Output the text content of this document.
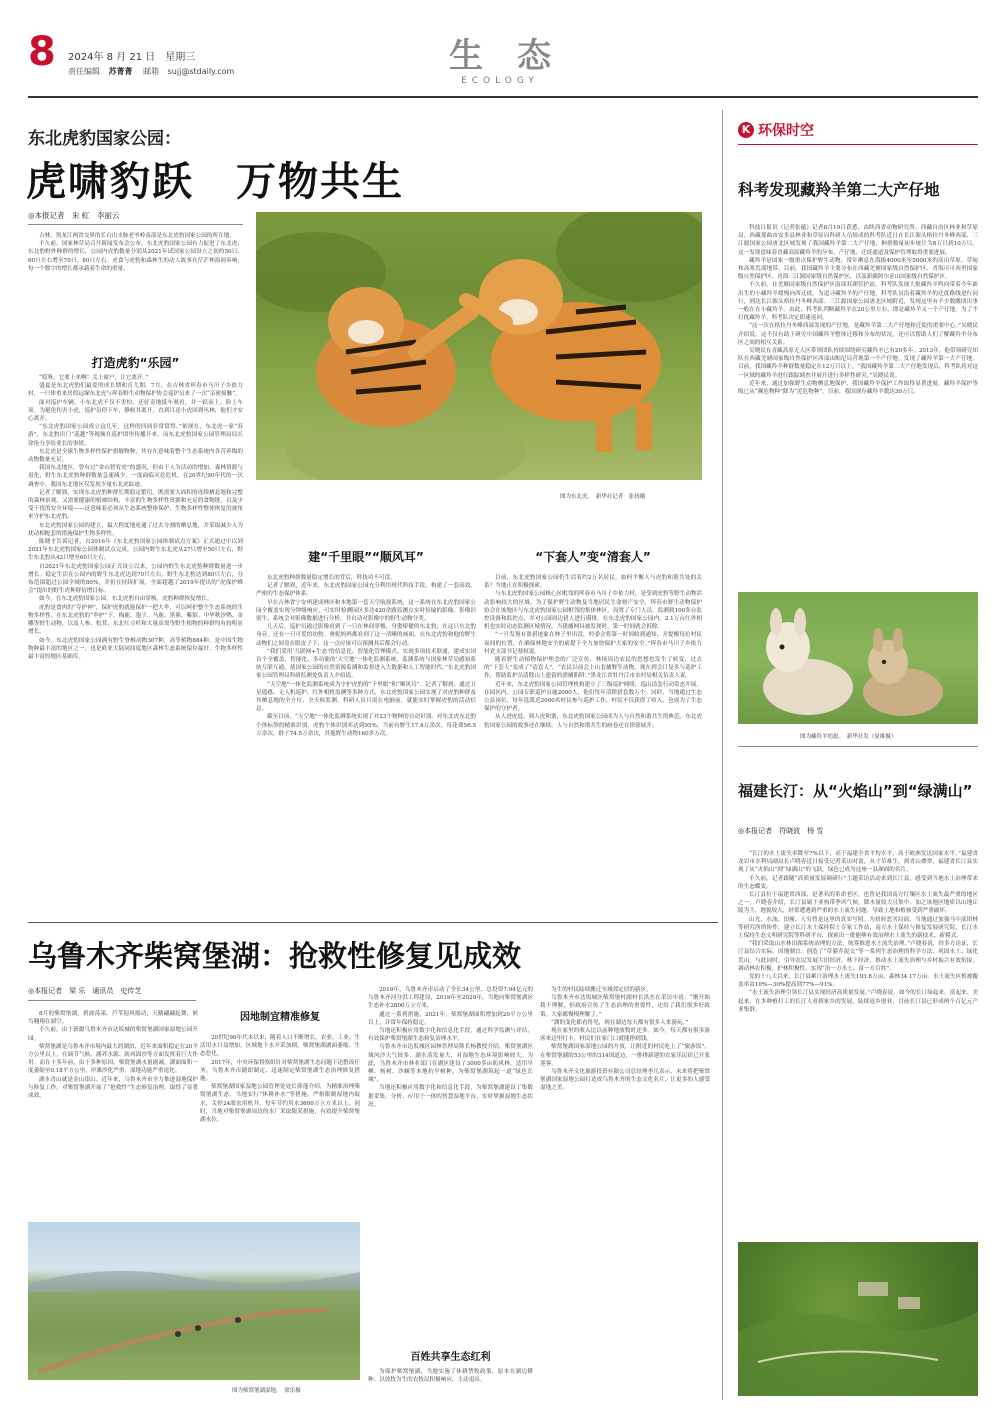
8 2024年 8 月 21 日　星期三
责任编辑 苏菁菁 邮箱 sujj@stdaily.com	生　态
ECOLOGY
东北虎豹国家公园：
虎啸豹跃　万物共生
◎本报记者　朱 虹　李丽云
图为东北虎。　新华社记者　张扬摄

吉林、黑龙江两省交界的长白山支脉老爷岭南部是东北虎豹国家公园的所在地。

不久前，国家林草局召开新闻发布会公布，东北虎豹国家公园有力促进了东北虎、东北豹野外种群的增长，公园内虎豹数量分别从2021年试国家公园设立之初的50只、60只左右增至70只、80只左右。虎食与虎豹和森林生的动人故事在茫茫林海间奏响，每一个数字的增长都承载着生命的重量。

打造虎豹“乐园”

“哎呀，它要上来啊！关上窗户，让它离开。”

盛夏是东北虎豹们最爱的成长期和育儿期。7月，在吉林省珲春市马川子乡依力村，一只体重来居的远缘东北虎与珲春野生动物保护协会巡护员来了一次“亲密接触”。

面对巡护车辆，小东北虎不仅不害怕，还好奇地抵车观看，并一跃而上，险上车顶。为避免伤害小虎，巡护员停下车，静候其离开。直到目送小虎回到丛林，他们才安心离开。

“东北虎豹国家公园成立这几年，这样的回面非常常得。”依现在，东北虎一家“春游”，东北豹出门“巡越”等视频在巡护团里传播开来，而东北虎豹国家公园管理局局长徐伦分享给业长的事情。

东北虎是全球生物多样性保护旗舰物种，其存在意味着整个生态系统内各营养级的动物数量充足。

我国东北地区，曾有过“金山智宥虎”的盛况，但由于人为活动的增加、森林资源与退化，野生东北虎豹种群数量急速减少，一度面临灭危危机。在20世纪90年代的一次调查中，我国东北地区仅发现少量东北虎踪迹。

记者了解到，实现东北虎豹种群长期稳定繁衍，既需要大面积的连续栖息地和完整的森林景观，又需要健康的植被结构，丰富的生物多样性资源和充足的食物链，以及少受干扰的安全环境——这意味着必须从生态系统整体保护、生物多样性整体恢复的视角来守护东北虎豹。

东北虎豹国家公园的建立，最大程度地连通了过去分割的栖息地，并采取减少人为扰动相配套的措施保护生物多样性。

陈晓才告诉记者，自2016年《东北虎豹国家公园体制试点方案》正式通过中以到2021年东北虎豹国家公园体制试点完成，公园内野生东北虎从27只增至50只左右，野生东北豹从42只增至60只左右。

自2021年东北虎豹国家公园正式设立以来，公园内野生东北虎豹种群数量进一步增长。稳定生活在公园内的野生东北虎达到70只左右，野生东北豹达到80只左右，分布范围超过公园全域的80%，并仍在持续扩展，全面超越了2019年提出的“虎保护峰会”提出的野生虎种群倍增目标。

如今，在东北虎豹国家公园，东北虎豹自由穿梭，虎豹种群恢复增长。

虎豹是食肉的“夺护神”，保护虎豹就能保护一把大伞，可以呵护整个生态系统的生物多样性。在东北虎豹的“伞护”下，梅鹿、狍子、马鹿、黑熊、紫貂、中华秋沙鸭、金雕等野生动物，以及人参、松茸、东北红豆杉和大量高需等野生植物的种群均有较明显增长。

如今，东北虎豹国家公园拥有野生脊椎动物307种，高等植物884种，是中国生物物种最丰富的地区之一，也是欧亚大陆同纬度地区森林生态系统保存最好、生物多样性最丰富的地区基础库。

建“千里眼”“顺风耳”

东北虎豹种群数量稳定增长的背后，科技功不可没。

记者了解到，近年来，东北虎豹国家公园充分利用现代科技手段，构建了一套高效、严密的生态保护体系。

早在吉林省宁安州建成林区和本地第一套天空航视系统，这一系统在东北虎豹国家公园全覆盖实现分钟级响应，可实时检测园区多达420余路监测点实时传输的影像。影像识别生，系统会对影像数据进行分析，并自动对影像中的野生动物分类。

几天后，巡护员通过影像看到了一只在林间穿梭、身姿矫健的东北豹，在这只东北豹身旁，还有一只可爱的幼豹。奥妮妈妈都看到了这一清晰的画面，在东北虎豹和他的野生动物们之间竟在眼皮子下，这一点应该可以预测其后都会行动。

“我们采用‘互联网+生态’的信息化、智能化管理模式，实现多项技术联通，建成实国首个全覆盖、智能化、多功能的‘天空地’一体化监测系统。监测系统与国家林草局感知系统互联互通，使国家公园的自然资源监测和监督进入大数据和人工智能时代。”东北虎豹国家公园管理局科研监测处负责人介绍说。

“天空地”一体化监测系统成为守护虎豹的“千里眼”和“顺风耳”。记者了解到，通过卫星遥感、无人机巡护、红外相机监测等多种方式，东北虎豹国家公园实现了对虎豹种群及其栖息地的全方位、全天候监测。科研人员只需在电脑前，就能实时掌握虎豹的活动信息。

截至目前，“天空地”一体化监测系统实现了对23个物种的自动识别、对东北虎东北豹个体标签的精准识别，虎豹个体识别率达到95%，当前有野生17.4万余次、每花费56.5万余次、群子74.5万余次，其他野生动物160多万次。

“下套人”变“清套人”

目前，东北虎豹国家公园仍生活着约2万名居民。如何平衡人与虎豹和谐共处的关系？当地正在积极探索。

与东北虎豹国家公园核心区毗邻的珲春市马川子乡依力村，是受到虎豹等野生动物活动影响较大的区域。为了保护野生动物及当地居民生命财产安全，珲春市野生动物保护协会在该地区与东北虎豹国家公园相邻的集体林区，设置了专门人员，监测到100多台监控设备和监控点，并对公园周边猎人进行摸排。在东北虎豹国家公园内，2.1万台红外相机也实时动态监测区域情况，当猎捕网具被发现时，第一时间就会拆除。

“一旦发现有盗猎迹象在林子里出没，村委会将第一时间收到通知，并提醒每位村民夜间的位置，在确保林地安全的前提下全力加快保护大家的安全。”珲春市马川子乡依力村党支部书记蔡权说。

随着野生动植物保护理念的广泛宣传，林场周边农民的思想也发生了转变，过去的“下套人”变成了“清套人”。“农民以前会上山套捕野生动物，现在到会日复多与巡护工作，帮助监护员清除山上遗留的猎捕陷阱。”黑龙江省牡丹江市农村局相关负责人说。

近年来，东北虎豹国家公园管理机构建立了三级巡护网络，巡山清套行动常态开展。在园区内，公园专职巡护员逾2000人，他们每年清除猎套数万个。同时，当地通过生态公益岗位，每年选派近2000名村民参与巡护工作，村民不仅获得了收入，也成为了生态保护的守护者。

从人进虎退，到人虎和谐，东北虎豹国家公园成为人与自然和谐共生的典范。东北虎豹国家公园的故事还在继续，人与自然和谐共生的画卷还在徐徐展开。

K 环保时空
科考发现藏羚羊第二大产仔地

科技日报讯（记者张蕴）记者8月19日获悉，由陕西省动物研究所、西藏自治区林业和草原局、西藏那曲市安多县林业和草原局科研人员组成的科考队近日在长江源头格拉丹冬峰西部、三江源国家公园唐北区域发现了我国藏羚羊第二大产仔地，种群数量初步统计为8万只到10万只。这一发现意味着青藏高原藏羚羊的分布、产仔地、迁徙通道及保护管理取得重要进展。

藏羚羊是国家一级重点保护野生动物，常年栖息在海拔4000米至5000米的高山草原、草甸和高寒荒漠地带。目前，我国藏羚羊主要分布在西藏羌塘国家级自然保护区、青海可可西里国家级自然保护区、青海三江源国家级自然保护区，以及新疆阿尔金山国家级自然保护区。

不久前，在羌塘国家级自然保护区南部双湖管护站，科考队发现大批藏羚羊鸣向带着今年新出生的小藏羚羊缓慢向西迁徙。为追寻藏羚羊的产仔地，科考队员沿着藏羚羊的迁徙路线进行同行，到达长江源头格拉丹冬峰西部、三江源国家公园唐北区域附近，发现这里有不少数雌团出事一般在在小藏羚羊。由此，科考队判断藏羚羊在20公里左右，即是藏羚羊又一个产仔地。为了不打扰藏羚羊，科考队决定即速返回。

“这一次在格拉丹冬峰西部发现的产仔地，是藏羚羊第二大产仔地和迁徙的重要中心。”吴晓民介绍说，这不仅有助于研究中国藏羚羊整体迁移和分布的状况，还可以帮助人们了解藏羚羊分布区之间的相互关系。

吴晓民在青藏高原无人区带领团队持续围绕研究藏羚羊已有20多年。2013年，他带领研究团队在西藏羌塘国家级自然保护区西部由帕尼局营现第一个产仔地，发现了藏羚羊第一大产仔地。目前，我国藏羚羊种群数量稳定在12万只以上。“我国藏羚羊第二大产仔地发现后，科考队将对这一区域的藏羚羊进行跟踪调查并展开进行多样性研究。”吴晓民说。

近年来，通过加强野生动物栖息地保护，我国藏羚羊保护工作取得显著进展。藏羚羊保护等级已从“濒危物种”降为“近危物种”。目前，我国现存藏羚羊数达30万只。

图为藏羚羊幼崽。　新华社发（晏维摄）
福建长汀：从“火焰山”到“绿满山”
◎本报记者　符晓波　杨 雪

“长汀的水土流失率降至7%以下，高于福建全省平均水平，高于欧洲发达国家水平。”福建省龙岩市水利局副局长卢晓春近日接受记者采访时说，从寸草难生，到青山叠翠，福建省长汀县实现了从“火焰山”到“绿满山”的飞跃，绿色已成为这座一县颜面的名片。

不久前，记者跟随“高质量发展调研行”主题采访活动来到长汀县，感受到当地水土治理带来的生态蝶变。

长汀县位于福建省西部，是著名的革命老区，也曾是我国南方红壤区水土流失最严重的地区之一。卢晓春介绍，长汀县属于亚热带季风气候，降水量较大且集中，加之该地区地质以山地丘陵为主，地貌较大，经常遭遇到严重的水土流失问题，导致土地和植被受到严重破坏。

山光、水浊、田瘦、人穷曾是这里的真实写照。为扭转恶劣局面，当地通过加强马中部团林等研究所的协作，建立长汀水土保持院士专家工作站，南方水土保持与修复发展研究院，长汀水土保持生态文明研究院等科研平台，探索出一批能够有效治理水土流失的新技术、新模式。

“我们采取山水林田湖系统治理的方法，统筹推进水土流失治理。”卢晓春说，经多方论证，长汀县结合实际，因地制宜，创造了“草灌乔混交”等一系列生态治理的科学方法，巩固水土、绿化荒山，与此同时，引导农民发展大田经济、林下经济，推动水土流失治理与乡村振兴有效衔接，调动林农积极、护林积极性，实现“治一方水土、富一方百姓”。

党的十八大以来，长汀县累计治理水土流失193.8万亩，森林34.17万亩。水土流失区植被覆盖率由10%—30%提高到77%—91%。

“水土流失治理引领长汀县实现经济高质量发展。”卢晓春说，如今的长汀绿起来，富起来、美起来，在多种植打工的长汀人看到家乡的发展，陆续返乡创业，目前长汀县已形成两个百亿元产业集群。

乌鲁木齐柴窝堡湖：抢救性修复见成效
◎本报记者　梁 乐　通讯员　史传芝

8月的柴窝堡湖，碧波荡漾，芦苇迎风摇动，天鹅翩翩起舞，候鸟翱翔在湖空。

不久前，由于新疆乌鲁木齐市达坂城的柴窝堡湖国家湿地公园开园。

柴窝堡湖是乌鲁木齐市境内最大的湖泊，近年来面积稳定在20平方公里以上，在调节气候、涵养水源、防风固沙等方面发挥着巨大作用。而在十多年前，由于多种原因，柴窝堡湖水量剧减，湖面面积一度萎缩至0.18平方公里，岸滩沙化严重，湿地功能严重退化。

湖水青山就是金山银山。近年来，乌鲁木齐市全力推进湿地保护与修复工作，对柴窝堡湖开展了“抢救性”生态修复治理，取得了显著成效。

因地制宜精准修复

20世纪90年代末以来，随着人口不断增长，农业、工业、生活用水日益增加，区域地下水开采加剧，柴窝堡湖湖面萎缩、生态恶化。

2017年，中央环保督察组针对柴窝堡湖生态问题下达整改任务。乌鲁木齐市随即制定、迅速制定柴窝堡湖生态治理修复措施。

柴窝堡湖国家湿地公园管理处处长韩蓬介绍，为精准治理柴窝堡湖生态，当地实行“休耕补水”等措施，严格限制湿地内取水，关停24眼农用机井，每年节约用水3600万立方米以上。同时，当地对柴窝堡湖周边的水厂采取限采措施，有效提升柴窝堡湖水位。

2019年，乌鲁木齐市启动了全长34公里、总投资7.94亿元的乌鲁木齐河分洪工程建设，2019年至2020年，当地向柴窝堡湖区生态补水2800万立方米。

通过一系列措施，2021年，柴窝堡湖面积增加到20平方公里以上，并常年保持稳定。

当地还积极应用数字化和信息化手段，通过科学监测与评估，有效保护柴窝堡湖生态修复治理水平。

乌鲁木齐市达坂城区园林管理局韩长杨教授介绍，柴窝堡湖区域风沙天气较多，湖水蒸发量大，对湿地生态环境影响较大。为此，乌鲁木齐市林业部门在湖区建设了3000多亩防风林，适用旱柳、杨树、沙棘等本地抗旱树种，为柴窝堡湖筑起一道“绿色长城”。

当地还积极应用数字化和信息化手段，为柴窝堡湖建设了集数据采集、分析、应用于一体的智慧湿地平台，实时掌握湿地生态状况。

百姓共享生态红利

为保护柴窝堡湖，当地实施了休耕禁牧政策，原本在湖边耕种、以放牧为生的农牧民积极响应，主动退出。

为生的村民陆续搬迁至城郊定居的新区。

乌鲁木齐市达坂城区柴窝堡村副村长洪杰在采访中说：“刚开始我不理解，但政府宣传了生态治理的重要性，还给了我们很多好政策。大家都慢慢理解了。”

“湖的变化都看得见，现在湖边每天都有很多人来游玩。”

现在家里的收入比以前种地放牧时还多。如今，每天都有很多游客来这里打卡，村民们在家门口就能挣到钱。

柴窝堡湖国家湿地公园的开放，让附近的村民吃上了“旅游饭”。在柴窝堡湖的53公里的314国道边，一排排新建的农家乐民宿已开张迎客。

乌鲁木齐文化旅游投资有限公司总经理李凡表示，未来将把柴窝堡湖国家湿地公园打造成乌鲁木齐的生态文化名片，让更多的人感受湿地之美。

图为柴窝堡湖湿地。　梁乐摄
